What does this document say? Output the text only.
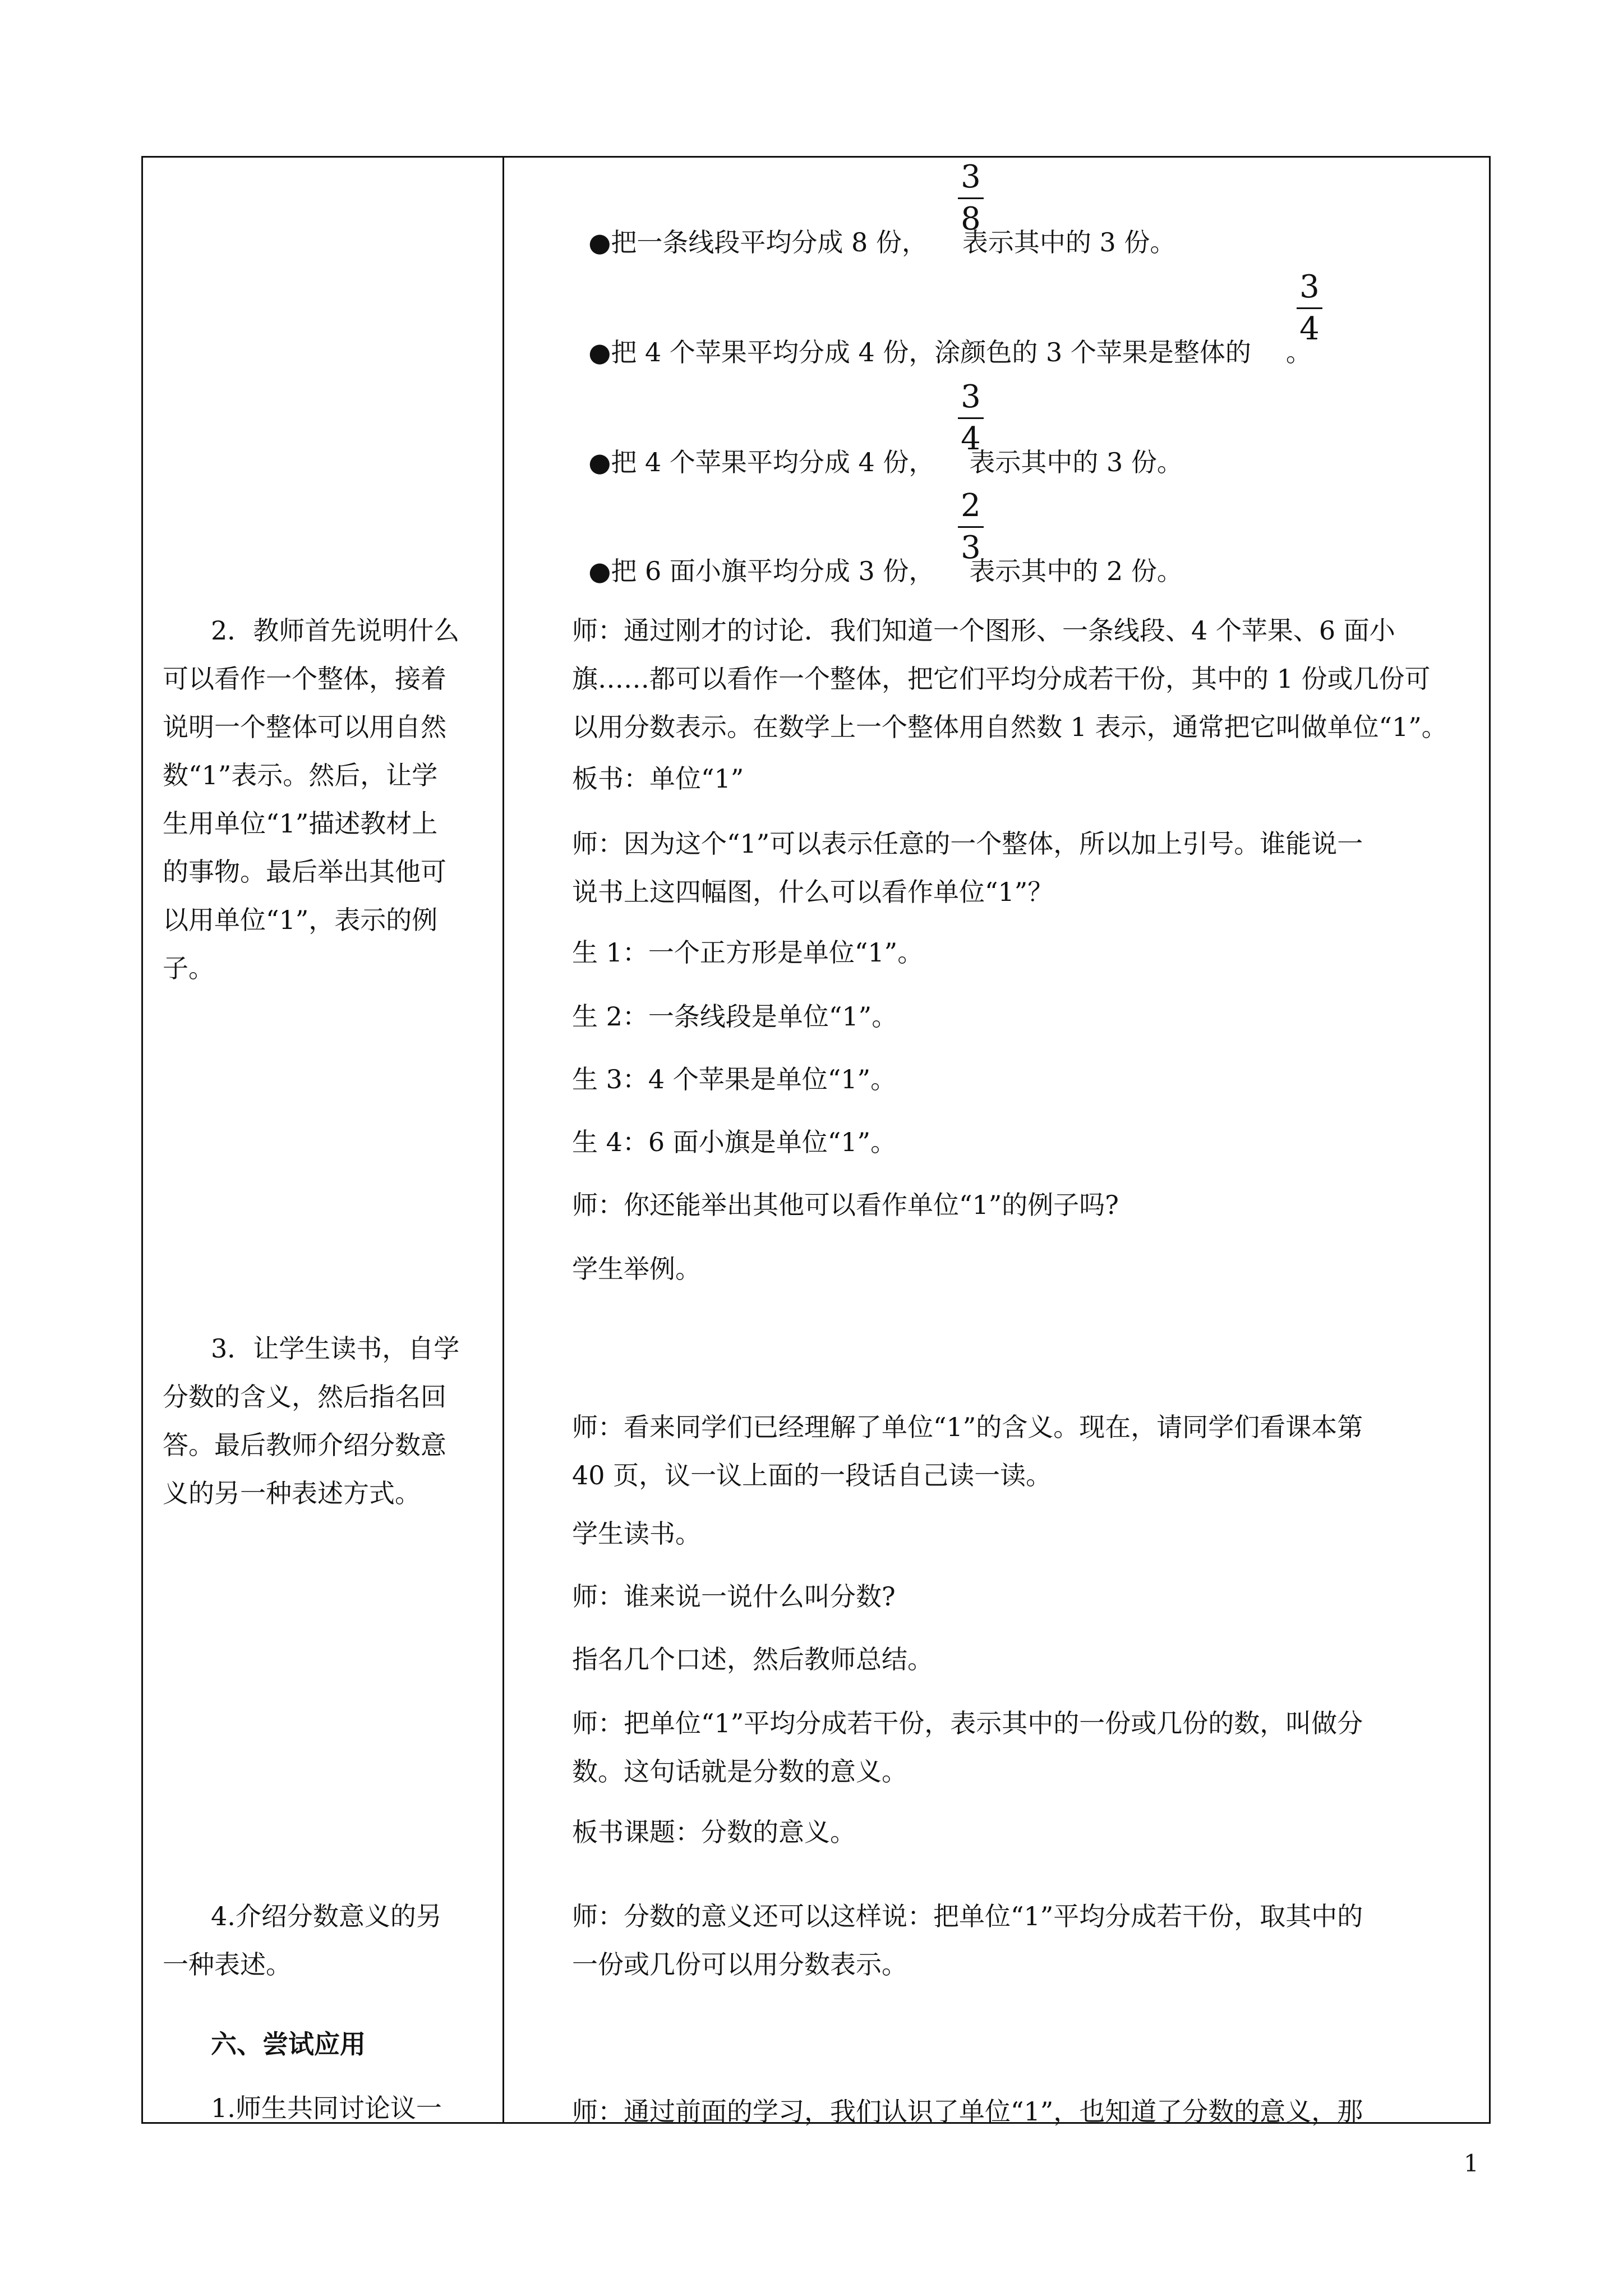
●把一条线段平均分成 8 份， 表示其中的 3 份。

3
8

●把 4 个苹果平均分成 4 份，涂颜色的 3 个苹果是整体的 。

3
4

●把 4 个苹果平均分成 4 份， 表示其中的 3 份。

3
4

●把 6 面小旗平均分成 3 份， 表示其中的 2 份。

2
3
师：通过刚才的讨论．我们知道一个图形、一条线段、4 个苹果、6 面小
旗……都可以看作一个整体，把它们平均分成若干份，其中的 1 份或几份可
以用分数表示。在数学上一个整体用自然数 1 表示，通常把它叫做单位“1”。
板书：单位“1”
师：因为这个“1”可以表示任意的一个整体，所以加上引号。谁能说一
说书上这四幅图，什么可以看作单位“1”？
生 1：一个正方形是单位“1”。
生 2：一条线段是单位“1”。
生 3：4 个苹果是单位“1”。
生 4：6 面小旗是单位“1”。
师：你还能举出其他可以看作单位“1”的例子吗?
学生举例。
师：看来同学们已经理解了单位“1”的含义。现在，请同学们看课本第
40 页，议一议上面的一段话自己读一读。
学生读书。
师：谁来说一说什么叫分数?
指名几个口述，然后教师总结。
师：把单位“1”平均分成若干份，表示其中的一份或几份的数，叫做分
数。这句话就是分数的意义。
板书课题：分数的意义。
师：分数的意义还可以这样说：把单位“1”平均分成若干份，取其中的
一份或几份可以用分数表示。
师：通过前面的学习，我们认识了单位“1”，也知道了分数的意义，那
2．教师首先说明什么
可以看作一个整体，接着
说明一个整体可以用自然
数“1”表示。然后，让学
生用单位“1”描述教材上
的事物。最后举出其他可
以用单位“1”，表示的例
子。
3．让学生读书，自学
分数的含义，然后指名回
答。最后教师介绍分数意
义的另一种表述方式。
4.介绍分数意义的另
一种表述。
六、尝试应用
1.师生共同讨论议一
1
